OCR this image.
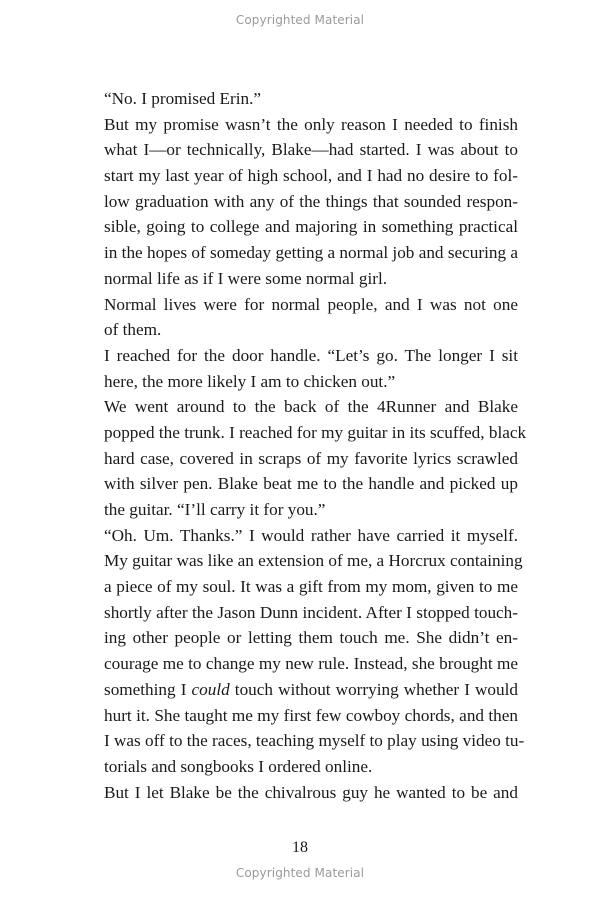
Copyrighted Material
“No. I promised Erin.”
But my promise wasn’t the only reason I needed to finish
what I—or technically, Blake—had started. I was about to
start my last year of high school, and I had no desire to fol-
low graduation with any of the things that sounded respon-
sible, going to college and majoring in something practical
in the hopes of someday getting a normal job and securing a
normal life as if I were some normal girl.
Normal lives were for normal people, and I was not one
of them.
I reached for the door handle. “Let’s go. The longer I sit
here, the more likely I am to chicken out.”
We went around to the back of the 4Runner and Blake
popped the trunk. I reached for my guitar in its scuffed, black
hard case, covered in scraps of my favorite lyrics scrawled
with silver pen. Blake beat me to the handle and picked up
the guitar. “I’ll carry it for you.”
“Oh. Um. Thanks.” I would rather have carried it myself.
My guitar was like an extension of me, a Horcrux containing
a piece of my soul. It was a gift from my mom, given to me
shortly after the Jason Dunn incident. After I stopped touch-
ing other people or letting them touch me. She didn’t en-
courage me to change my new rule. Instead, she brought me
something I could touch without worrying whether I would
hurt it. She taught me my first few cowboy chords, and then
I was off to the races, teaching myself to play using video tu-
torials and songbooks I ordered online.
But I let Blake be the chivalrous guy he wanted to be and
18
Copyrighted Material
